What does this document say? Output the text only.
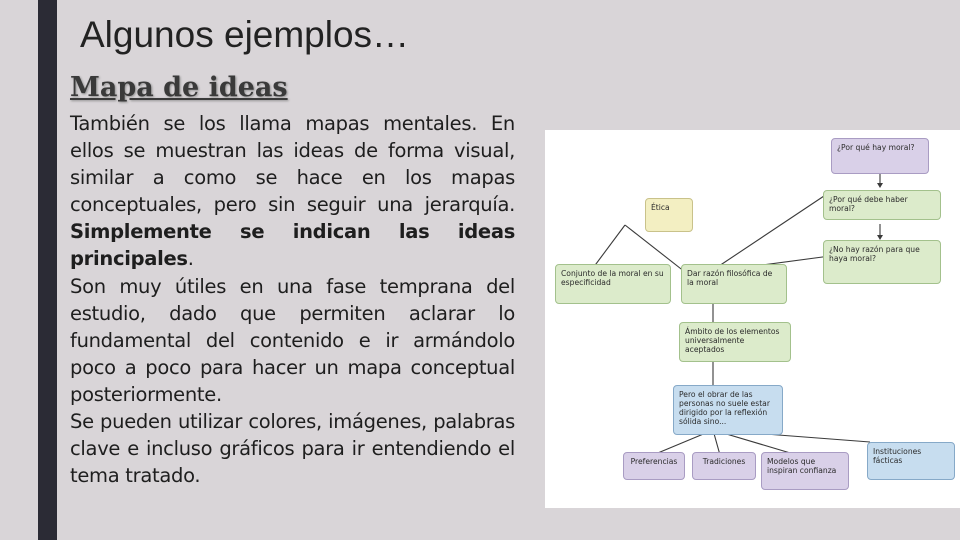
Algunos ejemplos…
Mapa de ideas

También se los llama mapas mentales. En ellos se muestran las ideas de forma visual, similar a como se hace en los mapas conceptuales, pero sin seguir una jerarquía. Simplemente se indican las ideas principales.

Son muy útiles en una fase temprana del estudio, dado que permiten aclarar lo fundamental del contenido e ir armándolo poco a poco para hacer un mapa conceptual posteriormente.

Se pueden utilizar colores, imágenes, palabras clave e incluso gráficos para ir entendiendo el tema tratado.

¿Por qué hay moral?
¿Por qué debe haber moral?
¿No hay razón para que haya moral?
Ética
Conjunto de la moral en su especificidad
Dar razón filosófica de la moral
Ámbito de los elementos universalmente aceptados
Pero el obrar de las personas no suele estar dirigido por la reflexión sólida sino...
Preferencias	Tradiciones	Modelos que inspiran confianza
Instituciones fácticas
